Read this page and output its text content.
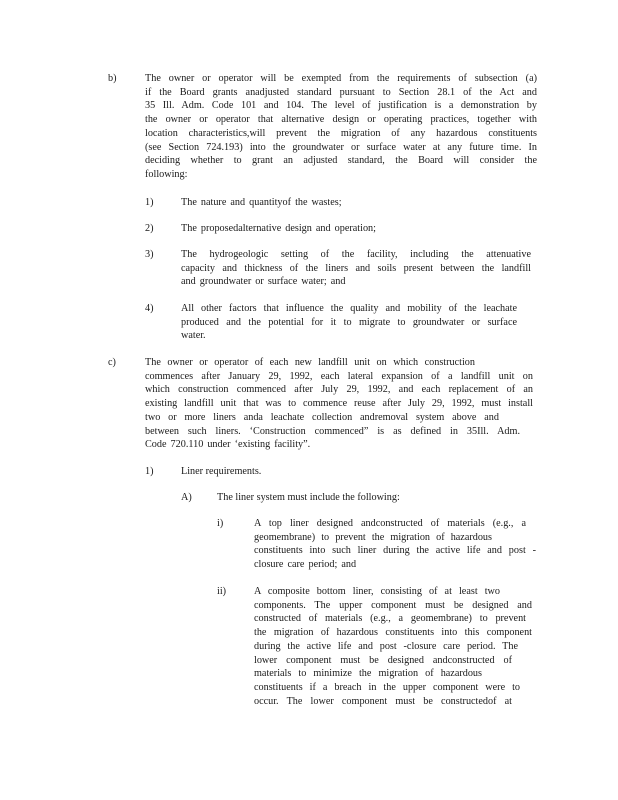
b)	The owner or operator will be exempted from the requirements of subsection (a)
if the Board grants anadjusted standard pursuant to Section 28.1 of the Act and
35 Ill. Adm. Code 101 and 104. The level of justification is a demonstration by
the owner or operator that alternative design or operating practices, together with
location characteristics,will prevent the migration of any hazardous constituents
(see Section 724.193) into the groundwater or surface water at any future time. In
deciding whether to grant an adjusted standard, the Board will consider the
following:
1)	The nature and quantityof the wastes;
2)	The proposedalternative design and operation;
3)	The hydrogeologic setting of the facility, including the attenuative
capacity and thickness of the liners and soils present between the landfill
and groundwater or surface water; and
4)	All other factors that influence the quality and mobility of the leachate
produced and the potential for it to migrate to groundwater or surface
water.
c)	The owner or operator of each new landfill unit on which construction
commences after January 29, 1992, each lateral expansion of a landfill unit on
which construction commenced after July 29, 1992, and each replacement of an
existing landfill unit that was to commence reuse after July 29, 1992, must install
two or more liners anda leachate collection andremoval system above and
between such liners. ‘Construction commenced” is as defined in 35Ill. Adm.
Code 720.110 under ‘existing facility”.
1)	Liner requirements.
A) The liner system must include the following:
i)	A top liner designed andconstructed of materials (e.g., a
geomembrane) to prevent the migration of hazardous
constituents into such liner during the active life and post -
closure care period; and
ii)	A composite bottom liner, consisting of at least two
components. The upper component must be designed and
constructed of materials (e.g., a geomembrane) to prevent
the migration of hazardous constituents into this component
during the active life and post -closure care period. The
lower component must be designed andconstructed of
materials to minimize the migration of hazardous
constituents if a breach in the upper component were to
occur. The lower component must be constructedof at
